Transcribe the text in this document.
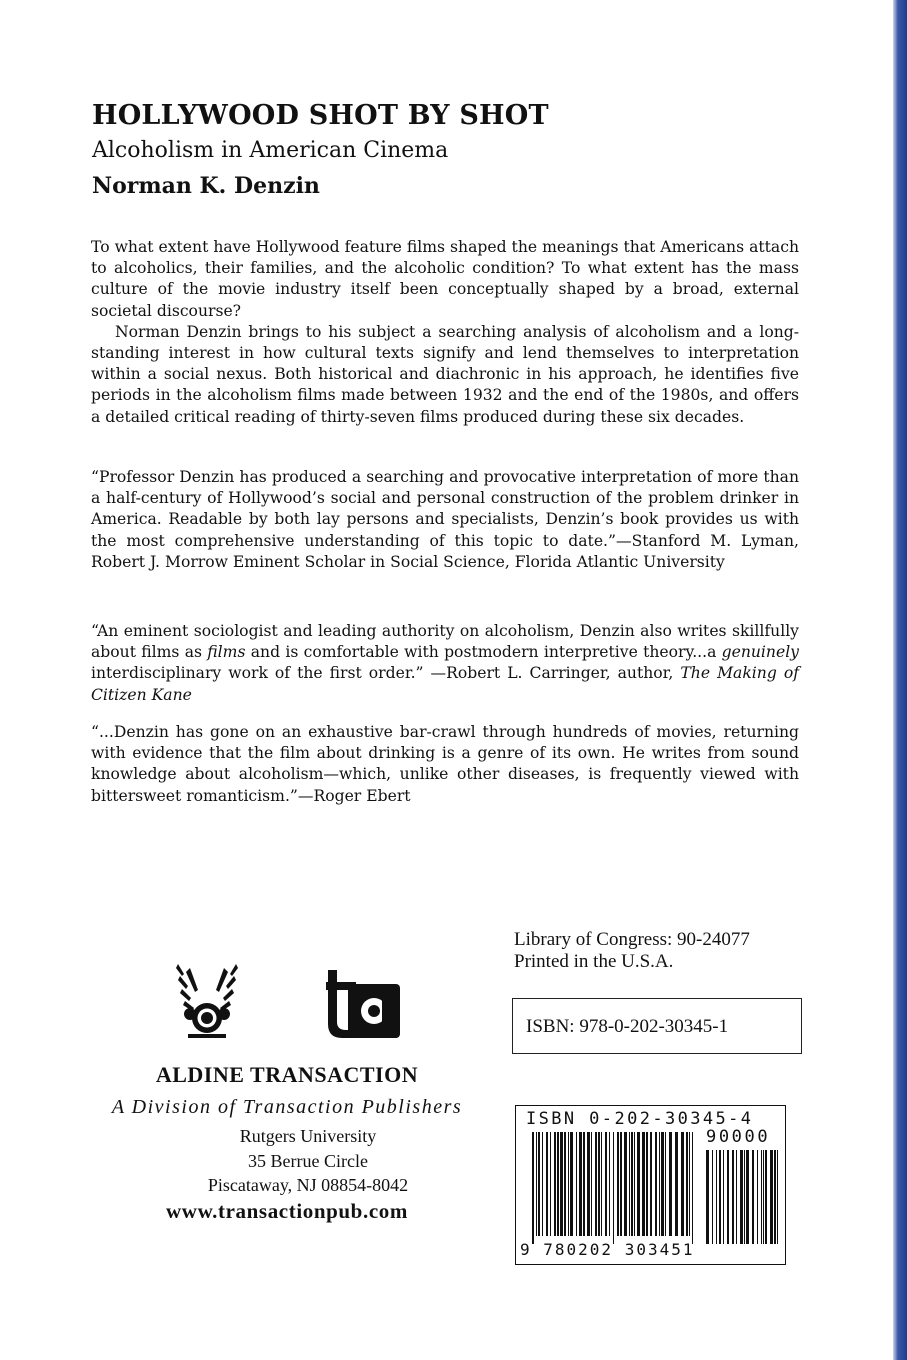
HOLLYWOOD SHOT BY SHOT
Alcoholism in American Cinema
Norman K. Denzin

To what extent have Hollywood feature films shaped the meanings that Americans attach to alcoholics, their families, and the alcoholic condition? To what extent has the mass culture of the movie industry itself been conceptually shaped by a broad, external societal discourse?

Norman Denzin brings to his subject a searching analysis of alcoholism and a long-standing interest in how cultural texts signify and lend themselves to interpretation within a social nexus. Both historical and diachronic in his approach, he identifies five periods in the alcoholism films made between 1932 and the end of the 1980s, and offers a detailed critical reading of thirty-seven films produced during these six decades.

“Professor Denzin has produced a searching and provocative interpretation of more than a half-century of Hollywood’s social and personal construction of the problem drinker in America. Readable by both lay persons and specialists, Denzin’s book provides us with the most comprehensive understanding of this topic to date.”—Stanford M. Lyman, Robert J. Morrow Eminent Scholar in Social Science, Florida Atlantic University

“An eminent sociologist and leading authority on alcoholism, Denzin also writes skillfully about films as films and is comfortable with postmodern interpretive theory...a genuinely interdisciplinary work of the first order.” —Robert L. Carringer, author, The Making of Citizen Kane

“...Denzin has gone on an exhaustive bar-crawl through hundreds of movies, returning with evidence that the film about drinking is a genre of its own. He writes from sound knowledge about alcoholism—which, unlike other diseases, is frequently viewed with bittersweet romanticism.”—Roger Ebert

Library of Congress: 90-24077
Printed in the U.S.A.
ISBN: 978-0-202-30345-1
ALDINE TRANSACTION
A Division of Transaction Publishers
Rutgers University
35 Berrue Circle
Piscataway, NJ 08854-8042
www.transactionpub.com
ISBN 0-202-30345-4
90000
9 780202 303451
